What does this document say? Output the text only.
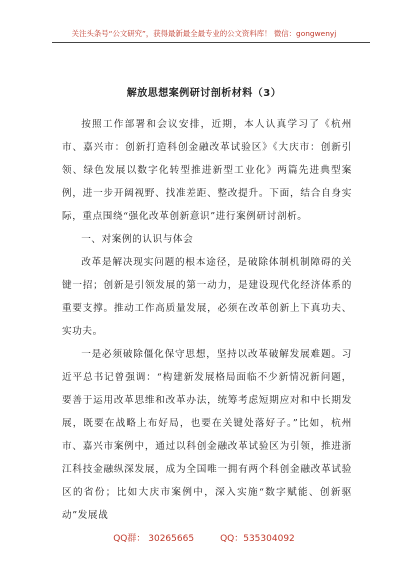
关注头条号“公文研究”，获得最新最全最专业的公文资料库！ 微信：gongwenyj
解放思想案例研讨剖析材料（3）

按照工作部署和会议安排，近期，本人认真学习了《杭州市、嘉兴市：创新打造科创金融改革试验区》《大庆市：创新引领、绿色发展以数字化转型推进新型工业化》两篇先进典型案例，进一步开阔视野、找准差距、整改提升。下面，结合自身实际，重点围绕“强化改革创新意识”进行案例研讨剖析。

一、对案例的认识与体会

改革是解决现实问题的根本途径，是破除体制机制障碍的关键一招；创新是引领发展的第一动力，是建设现代化经济体系的重要支撑。推动工作高质量发展，必须在改革创新上下真功夫、实功夫。

一是必须破除僵化保守思想，坚持以改革破解发展难题。习近平总书记曾强调：“构建新发展格局面临不少新情况新问题，要善于运用改革思维和改革办法，统筹考虑短期应对和中长期发展，既要在战略上布好局，也要在关键处落好子。”比如，杭州市、嘉兴市案例中，通过以科创金融改革试验区为引领，推进浙江科技金融纵深发展，成为全国唯一拥有两个科创金融改革试验区的省份；比如大庆市案例中，深入实施“数字赋能、创新驱动”发展战

QQ群： 30265665	QQ：535304092
